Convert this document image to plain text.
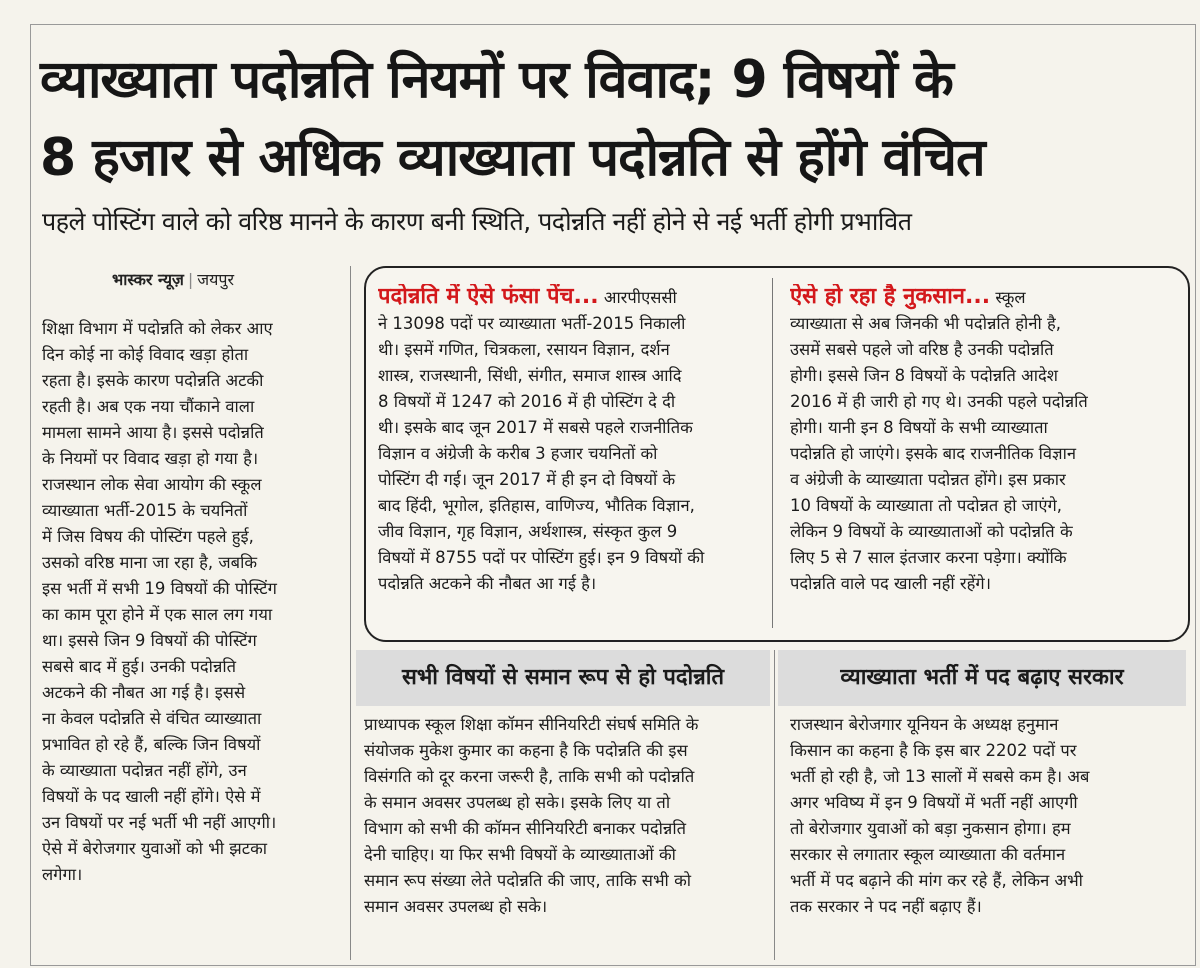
व्याख्याता पदोन्नति नियमों पर विवाद; 9 विषयों के
8 हजार से अधिक व्याख्याता पदोन्नति से होंगे वंचित
पहले पोस्टिंग वाले को वरिष्ठ मानने के कारण बनी स्थिति, पदोन्नति नहीं होने से नई भर्ती होगी प्रभावित
भास्कर न्यूज़ | जयपुर
शिक्षा विभाग में पदोन्नति को लेकर आए
दिन कोई ना कोई विवाद खड़ा होता
रहता है। इसके कारण पदोन्नति अटकी
रहती है। अब एक नया चौंकाने वाला
मामला सामने आया है। इससे पदोन्नति
के नियमों पर विवाद खड़ा हो गया है।
राजस्थान लोक सेवा आयोग की स्कूल
व्याख्याता भर्ती-2015 के चयनितों
में जिस विषय की पोस्टिंग पहले हुई,
उसको वरिष्ठ माना जा रहा है, जबकि
इस भर्ती में सभी 19 विषयों की पोस्टिंग
का काम पूरा होने में एक साल लग गया
था। इससे जिन 9 विषयों की पोस्टिंग
सबसे बाद में हुई। उनकी पदोन्नति
अटकने की नौबत आ गई है। इससे
ना केवल पदोन्नति से वंचित व्याख्याता
प्रभावित हो रहे हैं, बल्कि जिन विषयों
के व्याख्याता पदोन्नत नहीं होंगे, उन
विषयों के पद खाली नहीं होंगे। ऐसे में
उन विषयों पर नई भर्ती भी नहीं आएगी।
ऐसे में बेरोजगार युवाओं को भी झटका
लगेगा।
पदोन्नति में ऐसे फंसा पेंच... आरपीएससी
ने 13098 पदों पर व्याख्याता भर्ती-2015 निकाली
थी। इसमें गणित, चित्रकला, रसायन विज्ञान, दर्शन
शास्त्र, राजस्थानी, सिंधी, संगीत, समाज शास्त्र आदि
8 विषयों में 1247 को 2016 में ही पोस्टिंग दे दी
थी। इसके बाद जून 2017 में सबसे पहले राजनीतिक
विज्ञान व अंग्रेजी के करीब 3 हजार चयनितों को
पोस्टिंग दी गई। जून 2017 में ही इन दो विषयों के
बाद हिंदी, भूगोल, इतिहास, वाणिज्य, भौतिक विज्ञान,
जीव विज्ञान, गृह विज्ञान, अर्थशास्त्र, संस्कृत कुल 9
विषयों में 8755 पदों पर पोस्टिंग हुई। इन 9 विषयों की
पदोन्नति अटकने की नौबत आ गई है।
ऐसे हो रहा है नुकसान... स्कूल
व्याख्याता से अब जिनकी भी पदोन्नति होनी है,
उसमें सबसे पहले जो वरिष्ठ है उनकी पदोन्नति
होगी। इससे जिन 8 विषयों के पदोन्नति आदेश
2016 में ही जारी हो गए थे। उनकी पहले पदोन्नति
होगी। यानी इन 8 विषयों के सभी व्याख्याता
पदोन्नति हो जाएंगे। इसके बाद राजनीतिक विज्ञान
व अंग्रेजी के व्याख्याता पदोन्नत होंगे। इस प्रकार
10 विषयों के व्याख्याता तो पदोन्नत हो जाएंगे,
लेकिन 9 विषयों के व्याख्याताओं को पदोन्नति के
लिए 5 से 7 साल इंतजार करना पड़ेगा। क्योंकि
पदोन्नति वाले पद खाली नहीं रहेंगे।
सभी विषयों से समान रूप से हो पदोन्नति	व्याख्याता भर्ती में पद बढ़ाए सरकार
प्राध्यापक स्कूल शिक्षा कॉमन सीनियरिटी संघर्ष समिति के
संयोजक मुकेश कुमार का कहना है कि पदोन्नति की इस
विसंगति को दूर करना जरूरी है, ताकि सभी को पदोन्नति
के समान अवसर उपलब्ध हो सके। इसके लिए या तो
विभाग को सभी की कॉमन सीनियरिटी बनाकर पदोन्नति
देनी चाहिए। या फिर सभी विषयों के व्याख्याताओं की
समान रूप संख्या लेते पदोन्नति की जाए, ताकि सभी को
समान अवसर उपलब्ध हो सके।
राजस्थान बेरोजगार यूनियन के अध्यक्ष हनुमान
किसान का कहना है कि इस बार 2202 पदों पर
भर्ती हो रही है, जो 13 सालों में सबसे कम है। अब
अगर भविष्य में इन 9 विषयों में भर्ती नहीं आएगी
तो बेरोजगार युवाओं को बड़ा नुकसान होगा। हम
सरकार से लगातार स्कूल व्याख्याता की वर्तमान
भर्ती में पद बढ़ाने की मांग कर रहे हैं, लेकिन अभी
तक सरकार ने पद नहीं बढ़ाए हैं।
